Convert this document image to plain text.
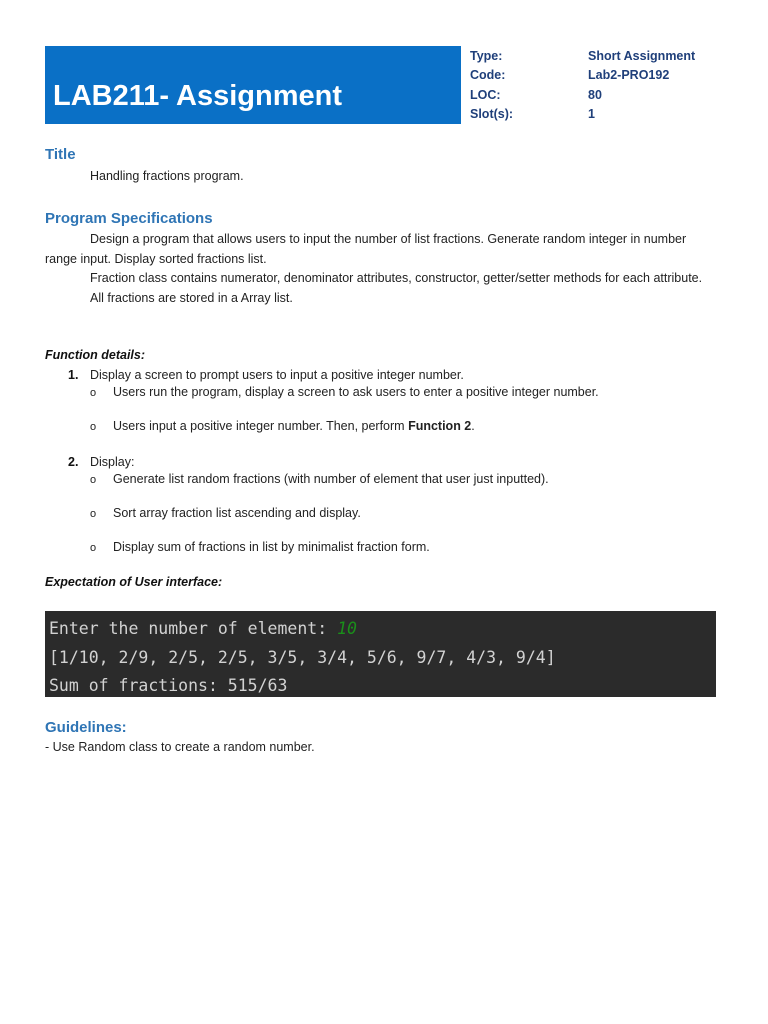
LAB211- Assignment
Type:	Short Assignment
Code:	Lab2-PRO192
LOC:	80
Slot(s):	1
Title
Handling fractions program.
Program Specifications

Design a program that allows users to input the number of list fractions. Generate random integer in number range input. Display sorted fractions list.

Fraction class contains numerator, denominator attributes, constructor, getter/setter methods for each attribute.

All fractions are stored in a Array list.

Function details:
1. Display a screen to prompt users to input a positive integer number.
o Users run the program, display a screen to ask users to enter a positive integer number.
o Users input a positive integer number. Then, perform Function 2.
2. Display:
o Generate list random fractions (with number of element that user just inputted).
o Sort array fraction list ascending and display.
o Display sum of fractions in list by minimalist fraction form.
Expectation of User interface:
Enter the number of element: 10
[1/10, 2/9, 2/5, 2/5, 3/5, 3/4, 5/6, 9/7, 4/3, 9/4]
Sum of fractions: 515/63
Guidelines:
- Use Random class to create a random number.
